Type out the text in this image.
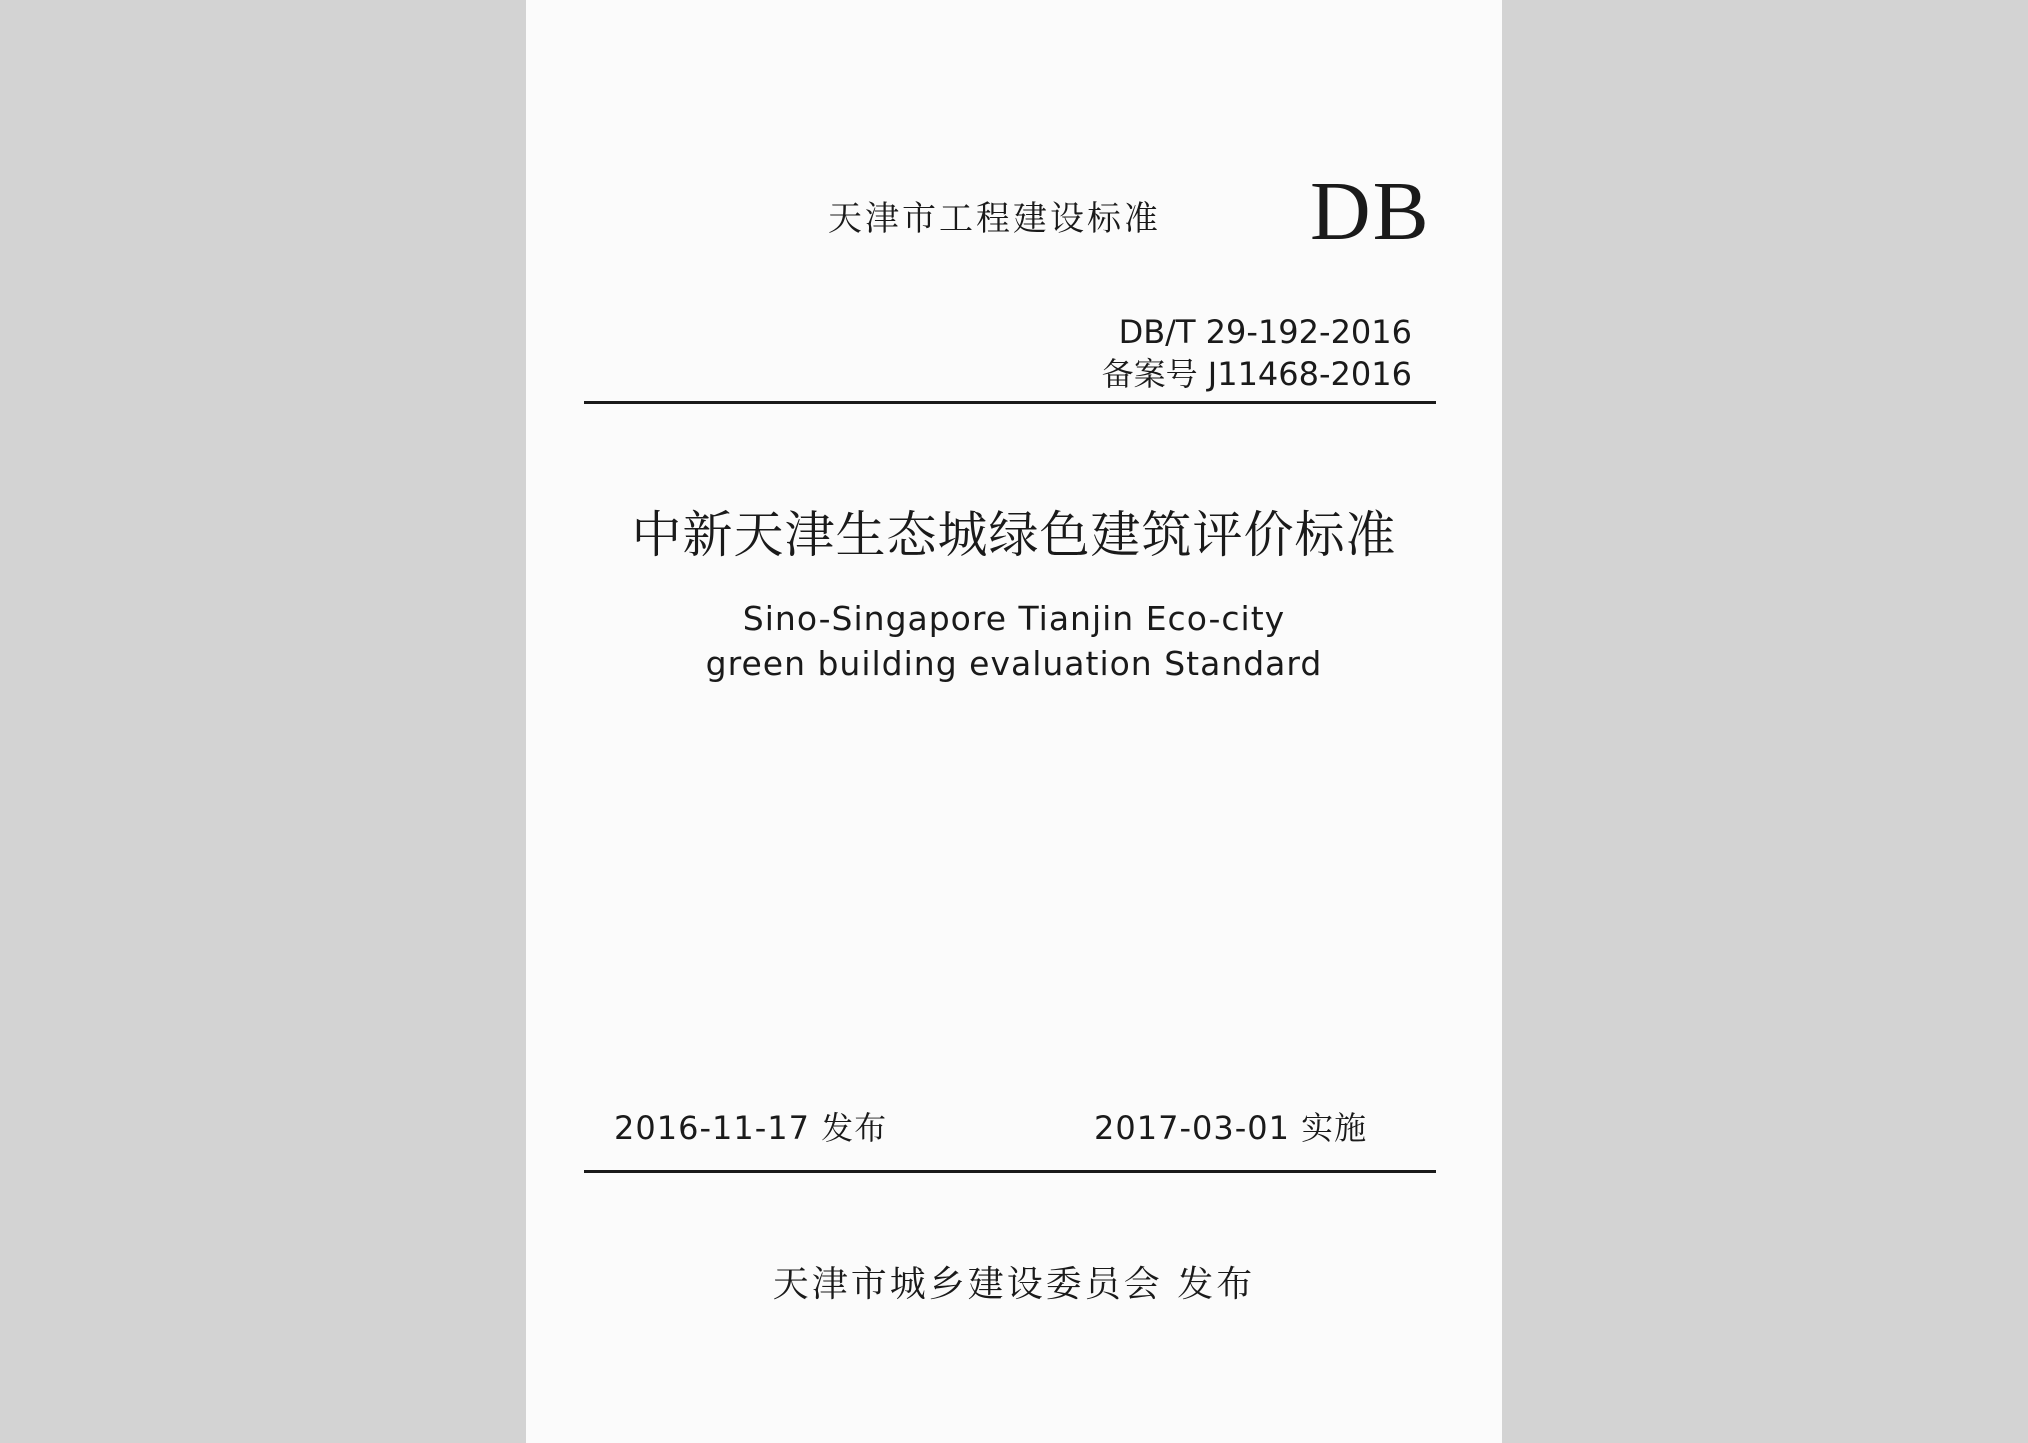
天津市工程建设标准 DB
DB/T 29-192-2016
备案号 J11468-2016
中新天津生态城绿色建筑评价标准
Sino-Singapore Tianjin Eco-city
green building evaluation Standard
2016-11-17 发布	2017-03-01 实施
天津市城乡建设委员会 发布
